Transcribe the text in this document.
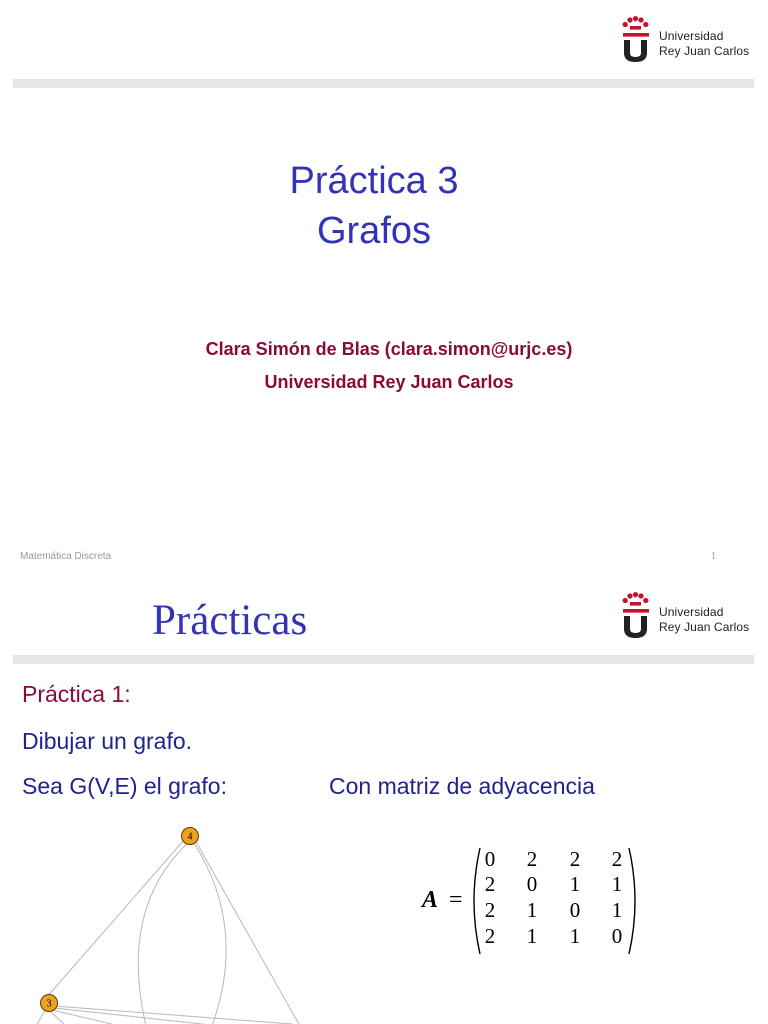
Universidad
Rey Juan Carlos
Práctica 3
Grafos
Clara Simón de Blas (clara.simon@urjc.es)
Universidad Rey Juan Carlos
Matemática Discreta	1
Prácticas	Universidad
Rey Juan Carlos
Práctica 1:
Dibujar un grafo.
Sea G(V,E) el grafo:	Con matriz de adyacencia
4
3
A =
0 2 2 2
2 0 1 1
2 1 0 1
2 1 1 0
